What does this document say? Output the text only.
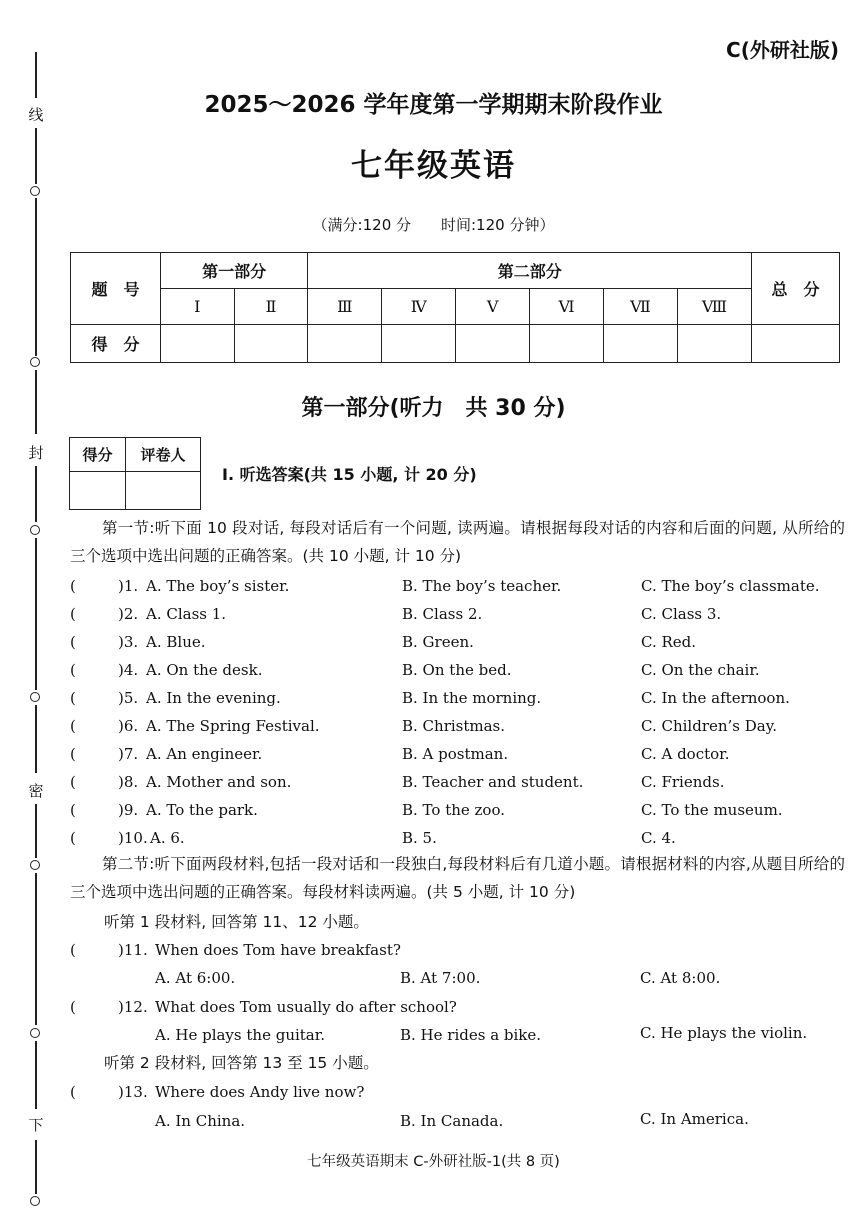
线
封
密
下
C(外研社版)
2025～2026 学年度第一学期期末阶段作业
七年级英语
（满分:120 分　　时间:120 分钟）
题　号	第一部分		第二部分						总　分
	Ⅰ	Ⅱ	Ⅲ	Ⅳ	Ⅴ	Ⅵ	Ⅶ	Ⅷ	
得　分									
第一部分(听力　共 30 分)
得分	评卷人

Ⅰ. 听选答案(共 15 小题, 计 20 分)
第一节:听下面 10 段对话, 每段对话后有一个问题, 读两遍。请根据每段对话的内容和后面的问题, 从所给的三个选项中选出问题的正确答案。(共 10 小题, 计 10 分)
(	)1. A. The boy’s sister.	B. The boy’s teacher.	C. The boy’s classmate.
(	)2. A. Class 1.	B. Class 2.	C. Class 3.
(	)3. A. Blue.	B. Green.	C. Red.
(	)4. A. On the desk.	B. On the bed.	C. On the chair.
(	)5. A. In the evening.	B. In the morning.	C. In the afternoon.
(	)6. A. The Spring Festival.	B. Christmas.	C. Children’s Day.
(	)7. A. An engineer.	B. A postman.	C. A doctor.
(	)8. A. Mother and son.	B. Teacher and student.	C. Friends.
(	)9. A. To the park.	B. To the zoo.	C. To the museum.
(	)10. A. 6.	B. 5.	C. 4.
第二节:听下面两段材料,包括一段对话和一段独白,每段材料后有几道小题。请根据材料的内容,从题目所给的三个选项中选出问题的正确答案。每段材料读两遍。(共 5 小题, 计 10 分)
听第 1 段材料, 回答第 11、12 小题。
(	)11. When does Tom have breakfast?
A. At 6:00.	B. At 7:00.	C. At 8:00.
(	)12. What does Tom usually do after school?
A. He plays the guitar.	B. He rides a bike.	C. He plays the violin.
听第 2 段材料, 回答第 13 至 15 小题。
(	)13. Where does Andy live now?
A. In China.	B. In Canada.	C. In America.
七年级英语期末 C-外研社版-1(共 8 页)
